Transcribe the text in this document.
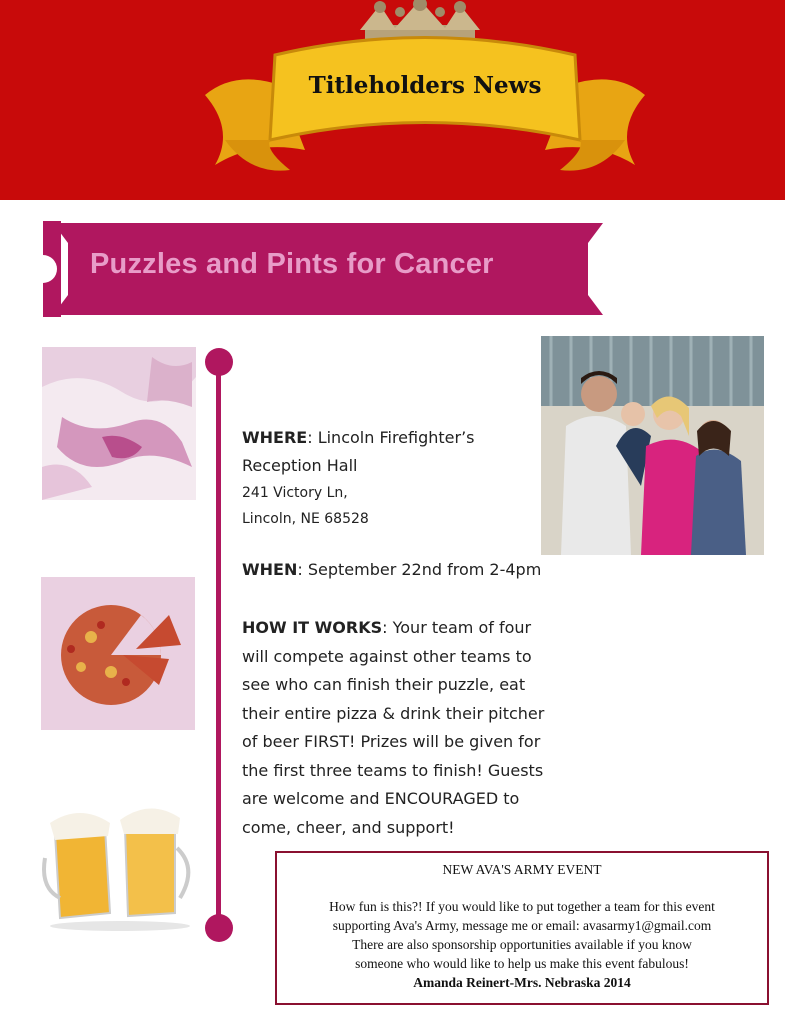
Titleholders News
Puzzles and Pints for Cancer
WHERE: Lincoln Firefighter’s
Reception Hall
241 Victory Ln,
Lincoln, NE 68528
WHEN: September 22nd from 2-4pm
HOW IT WORKS: Your team of four
will compete against other teams to
see who can finish their puzzle, eat
their entire pizza & drink their pitcher
of beer FIRST! Prizes will be given for
the first three teams to finish! Guests
are welcome and ENCOURAGED to
come, cheer, and support!
NEW AVA'S ARMY EVENT
How fun is this?! If you would like to put together a team for this event
supporting Ava's Army, message me or email: avasarmy1@gmail.com
There are also sponsorship opportunities available if you know
someone who would like to help us make this event fabulous!
Amanda Reinert-Mrs. Nebraska 2014
